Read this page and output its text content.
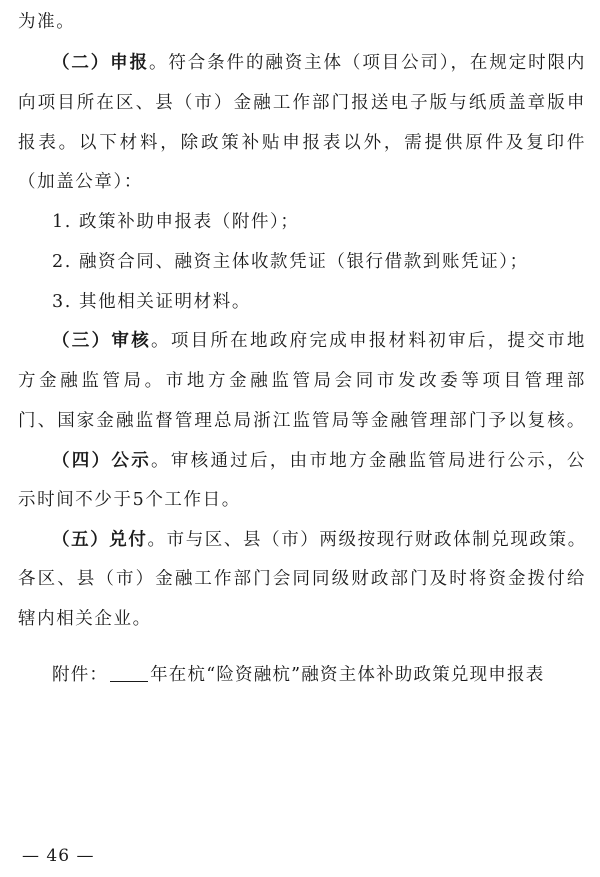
为准。
（二）申报。符合条件的融资主体（项目公司），在规定时限内
向项目所在区、县（市）金融工作部门报送电子版与纸质盖章版申
报表。以下材料，除政策补贴申报表以外，需提供原件及复印件
（加盖公章）：
1. 政策补助申报表（附件）；
2. 融资合同、融资主体收款凭证（银行借款到账凭证）；
3. 其他相关证明材料。
（三）审核。项目所在地政府完成申报材料初审后，提交市地
方金融监管局。市地方金融监管局会同市发改委等项目管理部
门、国家金融监督管理总局浙江监管局等金融管理部门予以复核。
（四）公示。审核通过后，由市地方金融监管局进行公示，公
示时间不少于5个工作日。
（五）兑付。市与区、县（市）两级按现行财政体制兑现政策。
各区、县（市）金融工作部门会同同级财政部门及时将资金拨付给
辖内相关企业。
附件： 年在杭“险资融杭”融资主体补助政策兑现申报表
— 46 —
